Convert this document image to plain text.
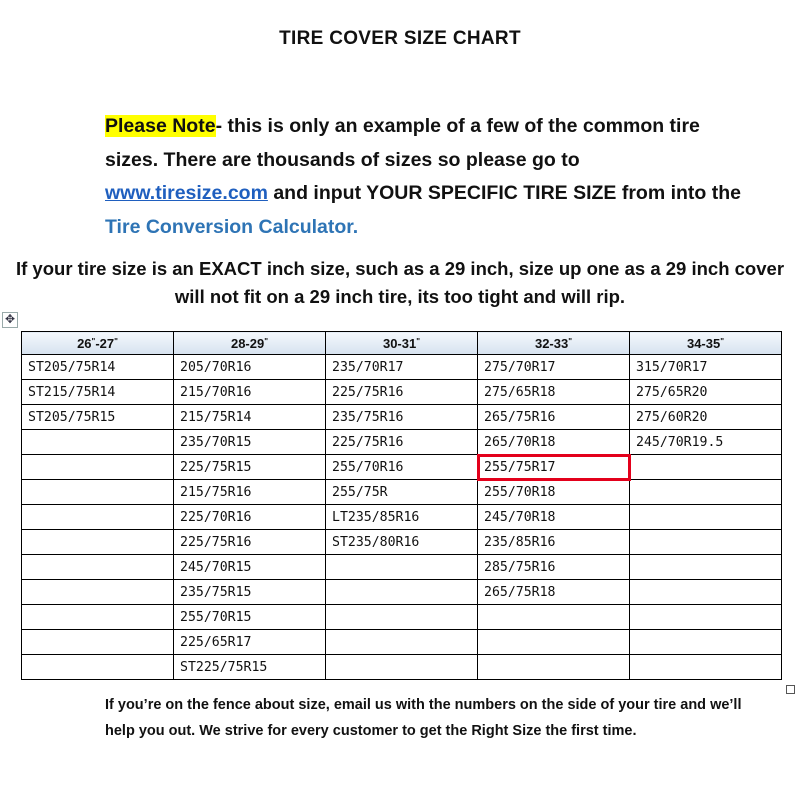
TIRE COVER SIZE CHART
Please Note- this is only an example of a few of the common tire sizes. There are thousands of sizes so please go to www.tiresize.com and input YOUR SPECIFIC TIRE SIZE from into the Tire Conversion Calculator.
If your tire size is an EXACT inch size, such as a 29 inch, size up one as a 29 inch cover will not fit on a 29 inch tire, its too tight and will rip.
✥
26"-27"	28-29"	30-31"	32-33"	34-35"
ST205/75R14	205/70R16	235/70R17	275/70R17	315/70R17
ST215/75R14	215/70R16	225/75R16	275/65R18	275/65R20
ST205/75R15	215/75R14	235/75R16	265/75R16	275/60R20
	235/70R15	225/75R16	265/70R18	245/70R19.5
	225/75R15	255/70R16	255/75R17	
	215/75R16	255/75R	255/70R18	
	225/70R16	LT235/85R16	245/70R18	
	225/75R16	ST235/80R16	235/85R16	
	245/70R15		285/75R16	
	235/75R15		265/75R18	
	255/70R15			
	225/65R17			
	ST225/75R15			
If you’re on the fence about size, email us with the numbers on the side of your tire and we’ll help you out. We strive for every customer to get the Right Size the first time.
